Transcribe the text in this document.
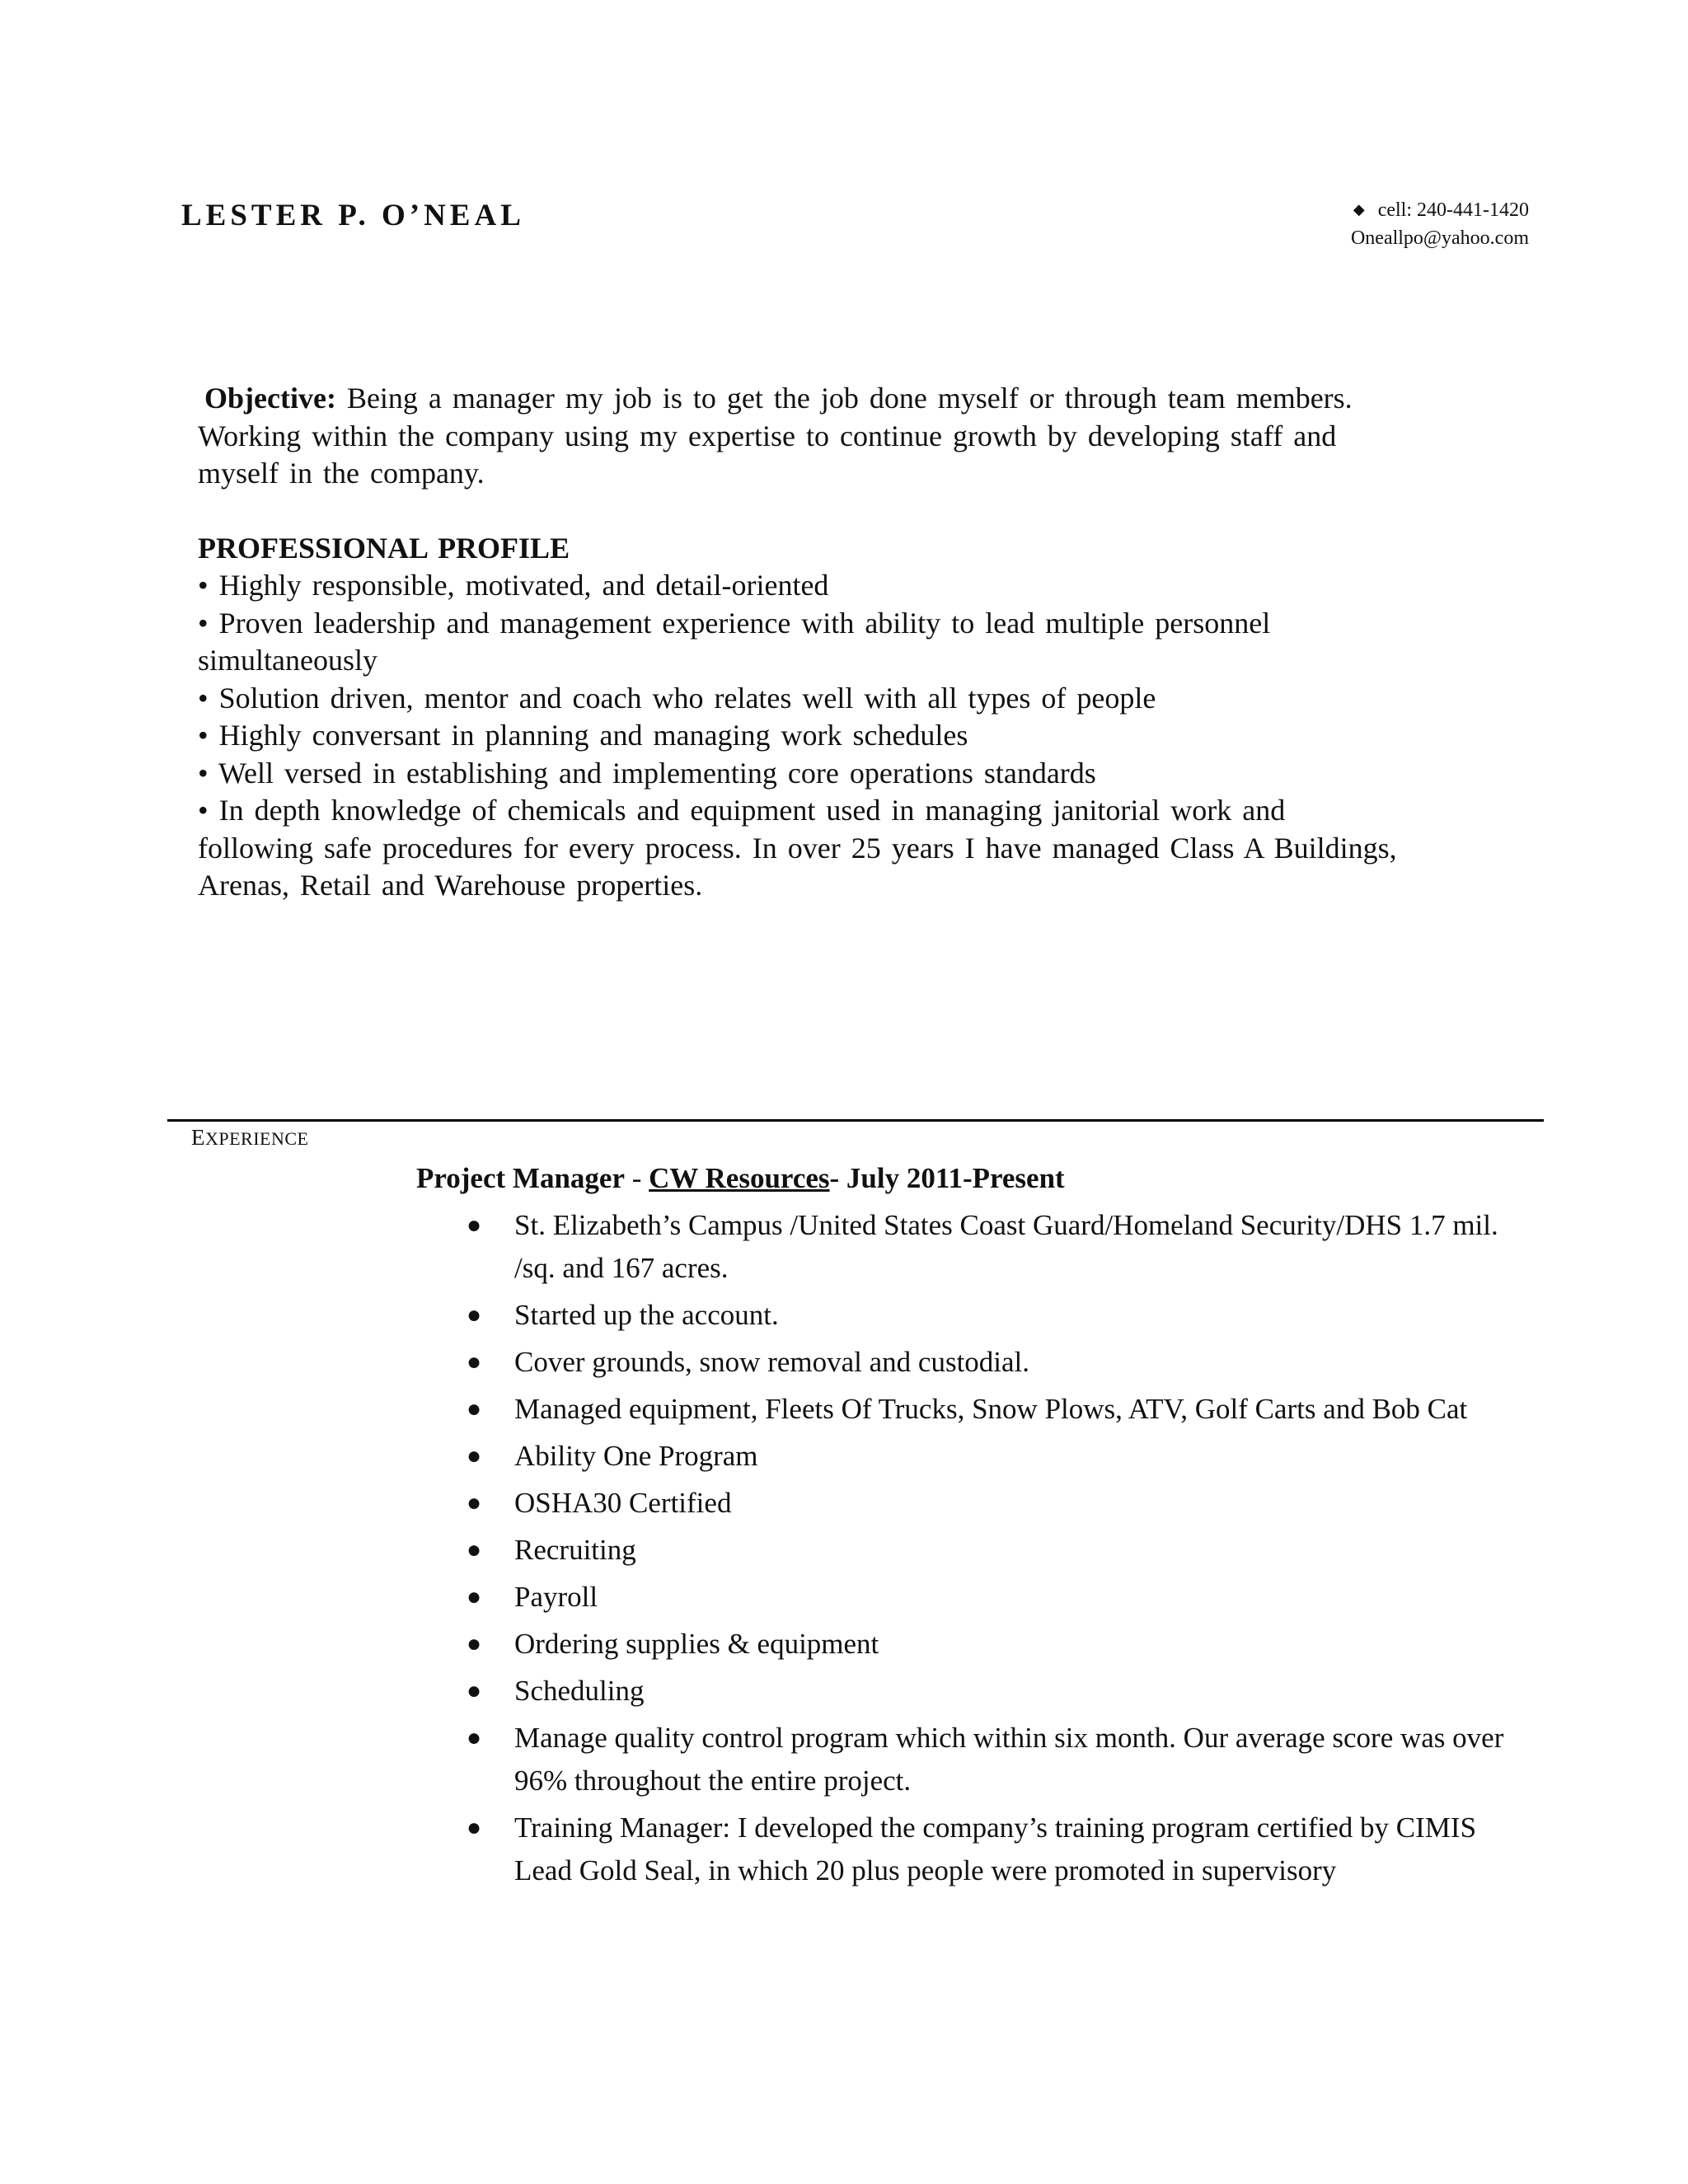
LESTER P. O’NEAL	◆ cell: 240-441-1420
Oneallpo@yahoo.com

Objective: Being a manager my job is to get the job done myself or through team members.

Working within the company using my expertise to continue growth by developing staff and

myself in the company.

PROFESSIONAL PROFILE

• Highly responsible, motivated, and detail-oriented

• Proven leadership and management experience with ability to lead multiple personnel

simultaneously

• Solution driven, mentor and coach who relates well with all types of people

• Highly conversant in planning and managing work schedules

• Well versed in establishing and implementing core operations standards

• In depth knowledge of chemicals and equipment used in managing janitorial work and

following safe procedures for every process. In over 25 years I have managed Class A Buildings,

Arenas, Retail and Warehouse properties.

EXPERIENCE
Project Manager - CW Resources- July 2011-Present
● St. Elizabeth’s Campus /United States Coast Guard/Homeland Security/DHS 1.7 mil. /sq. and 167 acres.
● Started up the account.
● Cover grounds, snow removal and custodial.
● Managed equipment, Fleets Of Trucks, Snow Plows, ATV, Golf Carts and Bob Cat
● Ability One Program
● OSHA30 Certified
● Recruiting
● Payroll
● Ordering supplies & equipment
● Scheduling
● Manage quality control program which within six month. Our average score was over 96% throughout the entire project.
● Training Manager: I developed the company’s training program certified by CIMIS Lead Gold Seal, in which 20 plus people were promoted in supervisory
